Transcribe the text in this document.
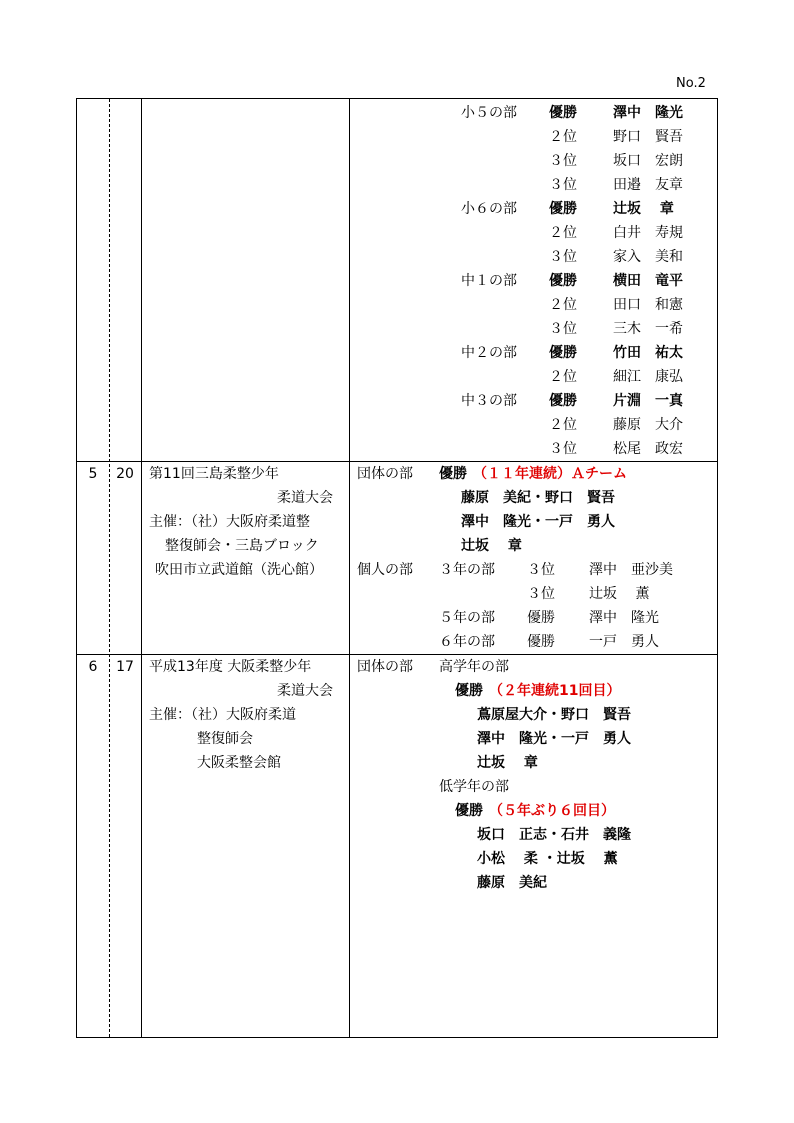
No.2
小５の部 優勝	澤中　隆光
２位	野口　賢吾
３位	坂口　宏朗
３位	田邉　友章
小６の部 優勝	辻坂　 章
２位	白井　寿規
３位	家入　美和
中１の部 優勝	横田　竜平
２位	田口　和憲
３位	三木　一希
中２の部 優勝	竹田　祐太
２位	細江　康弘
中３の部 優勝	片淵　一真
２位	藤原　大介
３位	松尾　政宏
5	20	第11回三島柔整少年
柔道大会
主催：（社）大阪府柔道整
整復師会・三島ブロック
吹田市立武道館（洗心館）
団体の部 優勝 （１１年連続）Ａチーム
藤原　美紀・野口　賢吾
澤中　隆光・一戸　勇人
辻坂　 章
個人の部 ３年の部 ３位 澤中　亜沙美
３位 辻坂　 薫
５年の部 優勝 澤中　隆光
６年の部 優勝 一戸　勇人
6	17	平成13年度 大阪柔整少年
柔道大会
主催：（社）大阪府柔道
整復師会
大阪柔整会館
団体の部 高学年の部
優勝 （２年連続11回目）
蔦原屋大介・野口　賢吾
澤中　隆光・一戸　勇人
辻坂　 章
低学年の部
優勝 （５年ぶり６回目）
坂口　正志・石井　義隆
小松　 柔 ・辻坂　 薫
藤原　美紀
